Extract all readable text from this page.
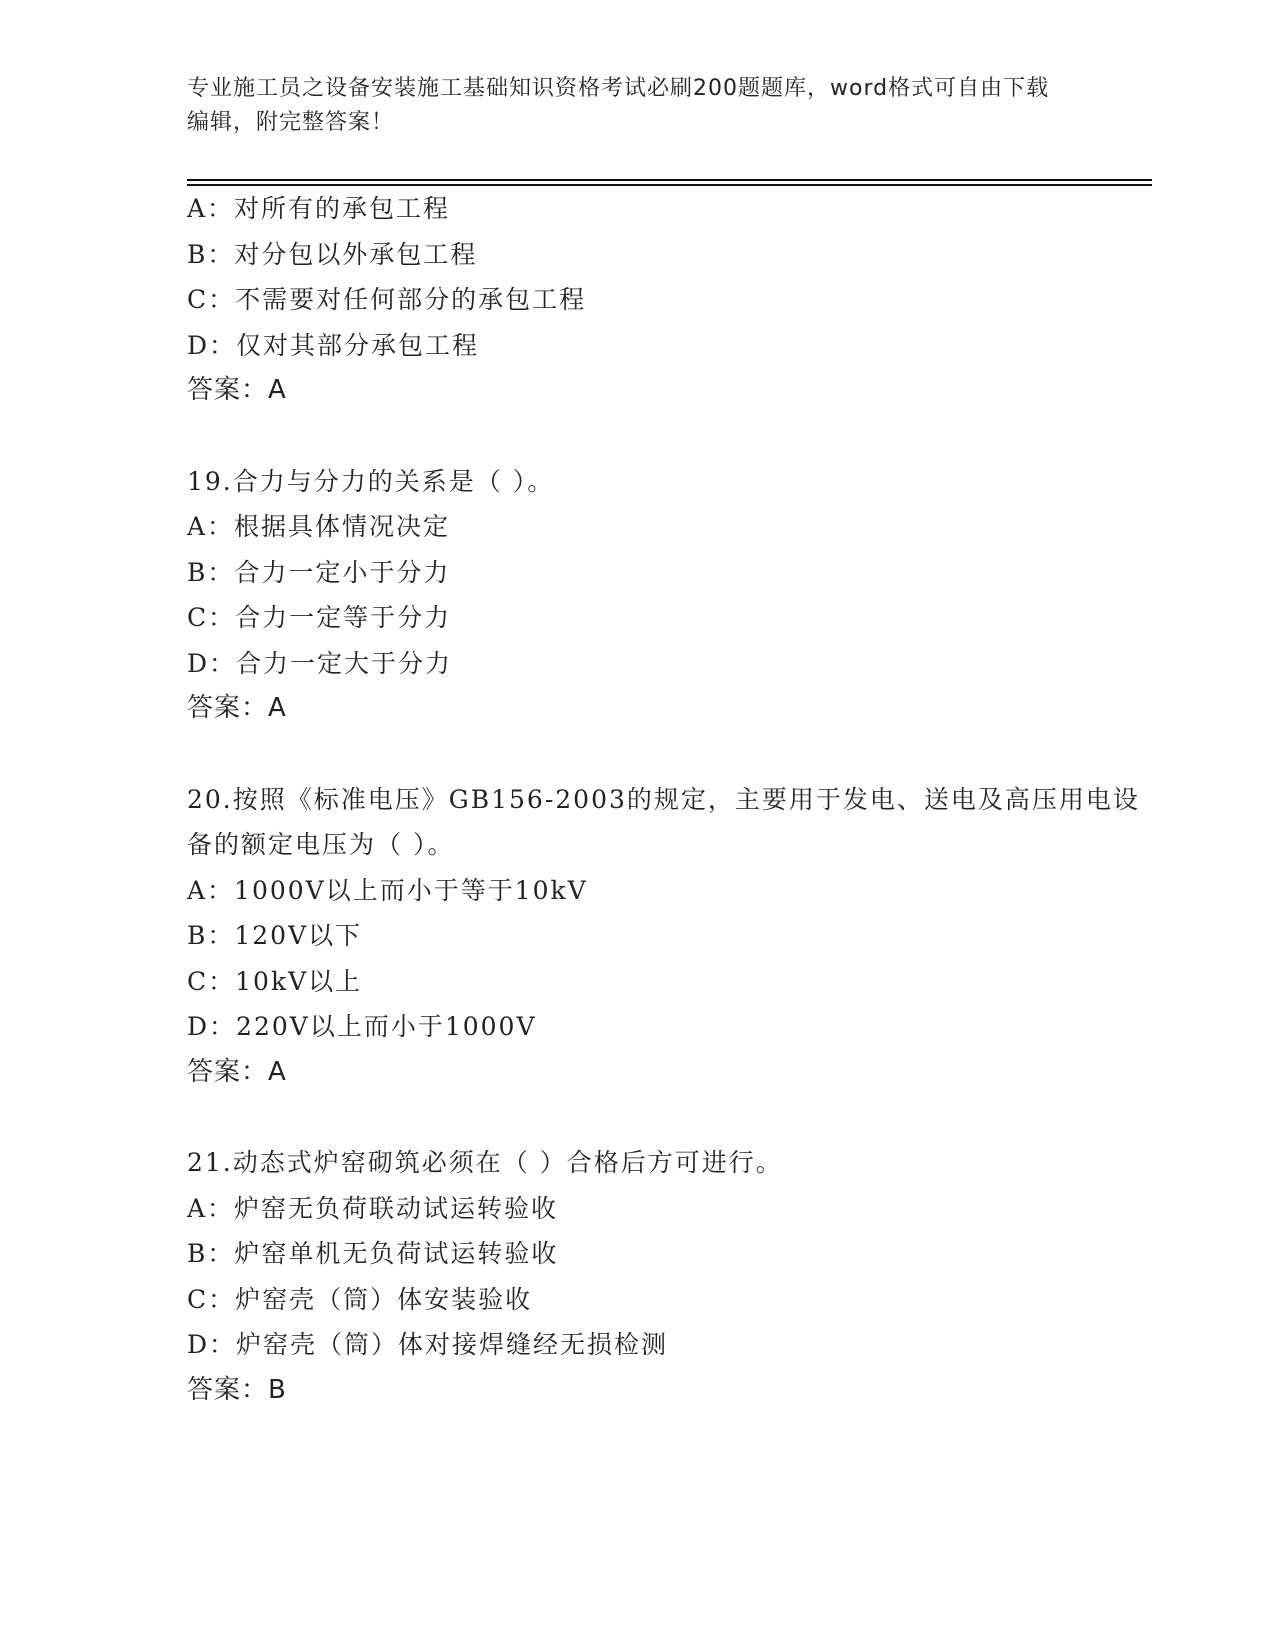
专业施工员之设备安装施工基础知识资格考试必刷200题题库，word格式可自由下载编辑，附完整答案！
A：对所有的承包工程
B：对分包以外承包工程
C：不需要对任何部分的承包工程
D：仅对其部分承包工程
答案：A
19.合力与分力的关系是（ ）。
A：根据具体情况决定
B：合力一定小于分力
C：合力一定等于分力
D：合力一定大于分力
答案：A
20.按照《标准电压》GB156-2003的规定，主要用于发电、送电及高压用电设备的额定电压为（ ）。
A：1000V以上而小于等于10kV
B：120V以下
C：10kV以上
D：220V以上而小于1000V
答案：A
21.动态式炉窑砌筑必须在（ ）合格后方可进行。
A：炉窑无负荷联动试运转验收
B：炉窑单机无负荷试运转验收
C：炉窑壳（筒）体安装验收
D：炉窑壳（筒）体对接焊缝经无损检测
答案：B
